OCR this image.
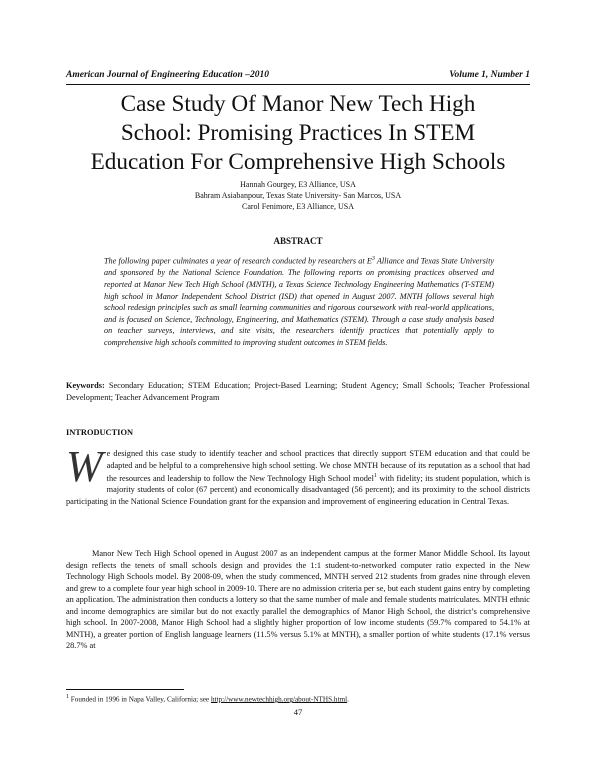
American Journal of Engineering Education –2010	Volume 1, Number 1
Case Study Of Manor New Tech High
School: Promising Practices In STEM
Education For Comprehensive High Schools
Hannah Gourgey, E3 Alliance, USA
Bahram Asiabanpour, Texas State University- San Marcos, USA
Carol Fenimore, E3 Alliance, USA
ABSTRACT
The following paper culminates a year of research conducted by researchers at $E^3$ Alliance and Texas State University and sponsored by the National Science Foundation. The following reports on promising practices observed and reported at Manor New Tech High School (MNTH), a Texas Science Technology Engineering Mathematics (T-STEM) high school in Manor Independent School District (ISD) that opened in August 2007. MNTH follows several high school redesign principles such as small learning communities and rigorous coursework with real-world applications, and is focused on Science, Technology, Engineering, and Mathematics (STEM). Through a case study analysis based on teacher surveys, interviews, and site visits, the researchers identify practices that potentially apply to comprehensive high schools committed to improving student outcomes in STEM fields.
Keywords: Secondary Education; STEM Education; Project-Based Learning; Student Agency; Small Schools; Teacher Professional Development; Teacher Advancement Program
INTRODUCTION
We designed this case study to identify teacher and school practices that directly support STEM education and that could be adapted and be helpful to a comprehensive high school setting. We chose MNTH because of its reputation as a school that had the resources and leadership to follow the New Technology High School model$^1$ with fidelity; its student population, which is majority students of color (67 percent) and economically disadvantaged (56 percent); and its proximity to the school districts participating in the National Science Foundation grant for the expansion and improvement of engineering education in Central Texas.
Manor New Tech High School opened in August 2007 as an independent campus at the former Manor Middle School. Its layout design reflects the tenets of small schools design and provides the 1:1 student-to-networked computer ratio expected in the New Technology High Schools model. By 2008-09, when the study commenced, MNTH served 212 students from grades nine through eleven and grew to a complete four year high school in 2009-10. There are no admission criteria per se, but each student gains entry by completing an application. The administration then conducts a lottery so that the same number of male and female students matriculates. MNTH ethnic and income demographics are similar but do not exactly parallel the demographics of Manor High School, the district’s comprehensive high school. In 2007-2008, Manor High School had a slightly higher proportion of low income students (59.7% compared to 54.1% at MNTH), a greater portion of English language learners (11.5% versus 5.1% at MNTH), a smaller portion of white students (17.1% versus 28.7% at
$^1$ Founded in 1996 in Napa Valley, California; see http://www.newtechhigh.org/about-NTHS.html.
47
